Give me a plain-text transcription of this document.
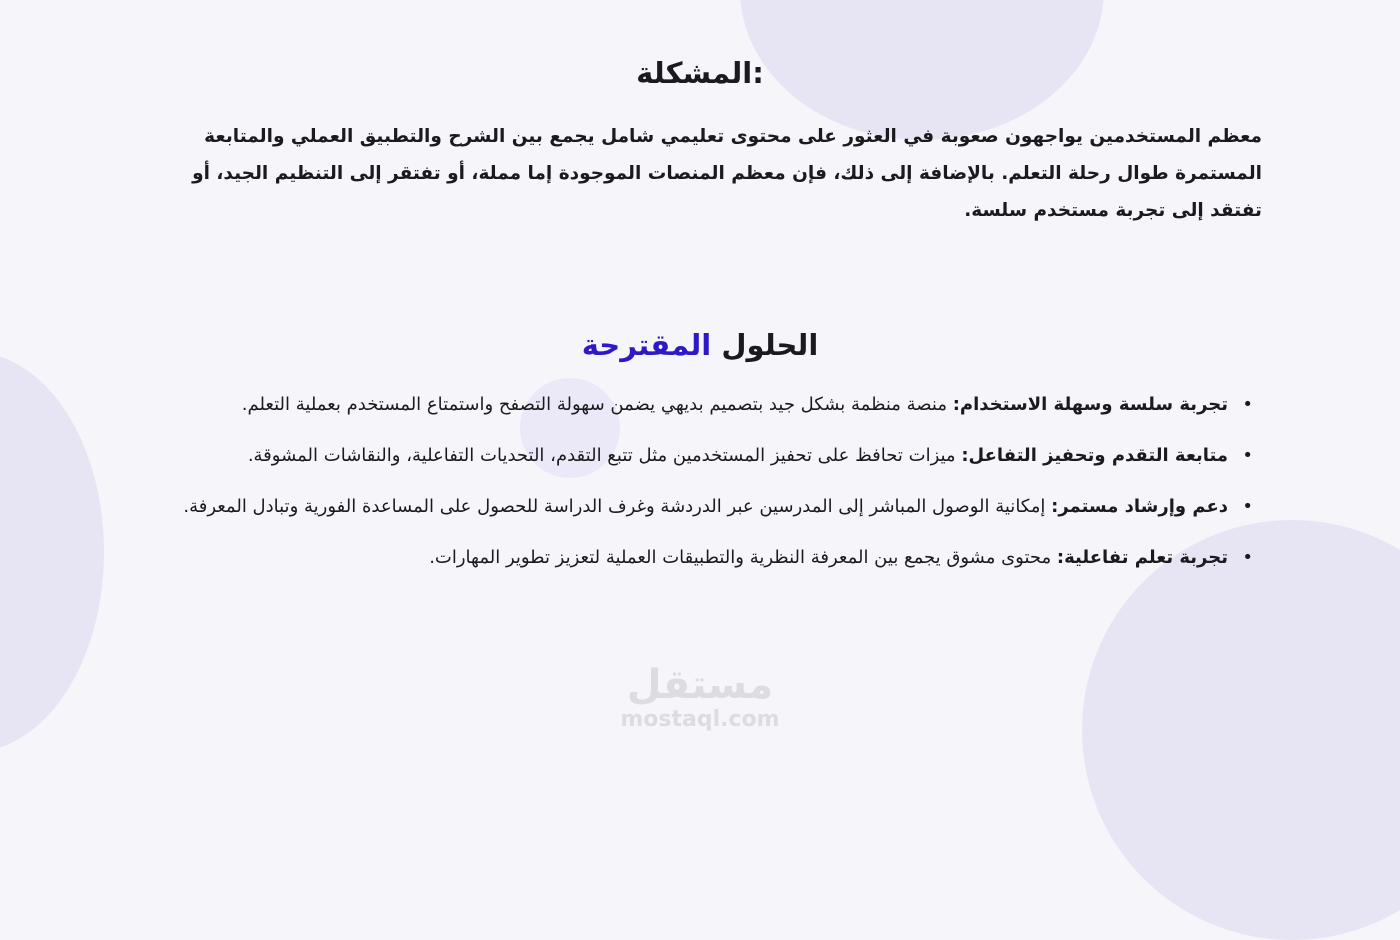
المشكلة:

معظم المستخدمين يواجهون صعوبة في العثور على محتوى تعليمي شامل يجمع بين الشرح والتطبيق العملي والمتابعة المستمرة طوال رحلة التعلم. بالإضافة إلى ذلك، فإن معظم المنصات الموجودة إما مملة، أو تفتقر إلى التنظيم الجيد، أو تفتقد إلى تجربة مستخدم سلسة.

الحلول المقترحة
•
تجربة سلسة وسهلة الاستخدام: منصة منظمة بشكل جيد بتصميم بديهي يضمن سهولة التصفح واستمتاع المستخدم بعملية التعلم.
•
متابعة التقدم وتحفيز التفاعل: ميزات تحافظ على تحفيز المستخدمين مثل تتبع التقدم، التحديات التفاعلية، والنقاشات المشوقة.
•
دعم وإرشاد مستمر: إمكانية الوصول المباشر إلى المدرسين عبر الدردشة وغرف الدراسة للحصول على المساعدة الفورية وتبادل المعرفة.
•
تجربة تعلم تفاعلية: محتوى مشوق يجمع بين المعرفة النظرية والتطبيقات العملية لتعزيز تطوير المهارات.
مستقل
mostaql.com
